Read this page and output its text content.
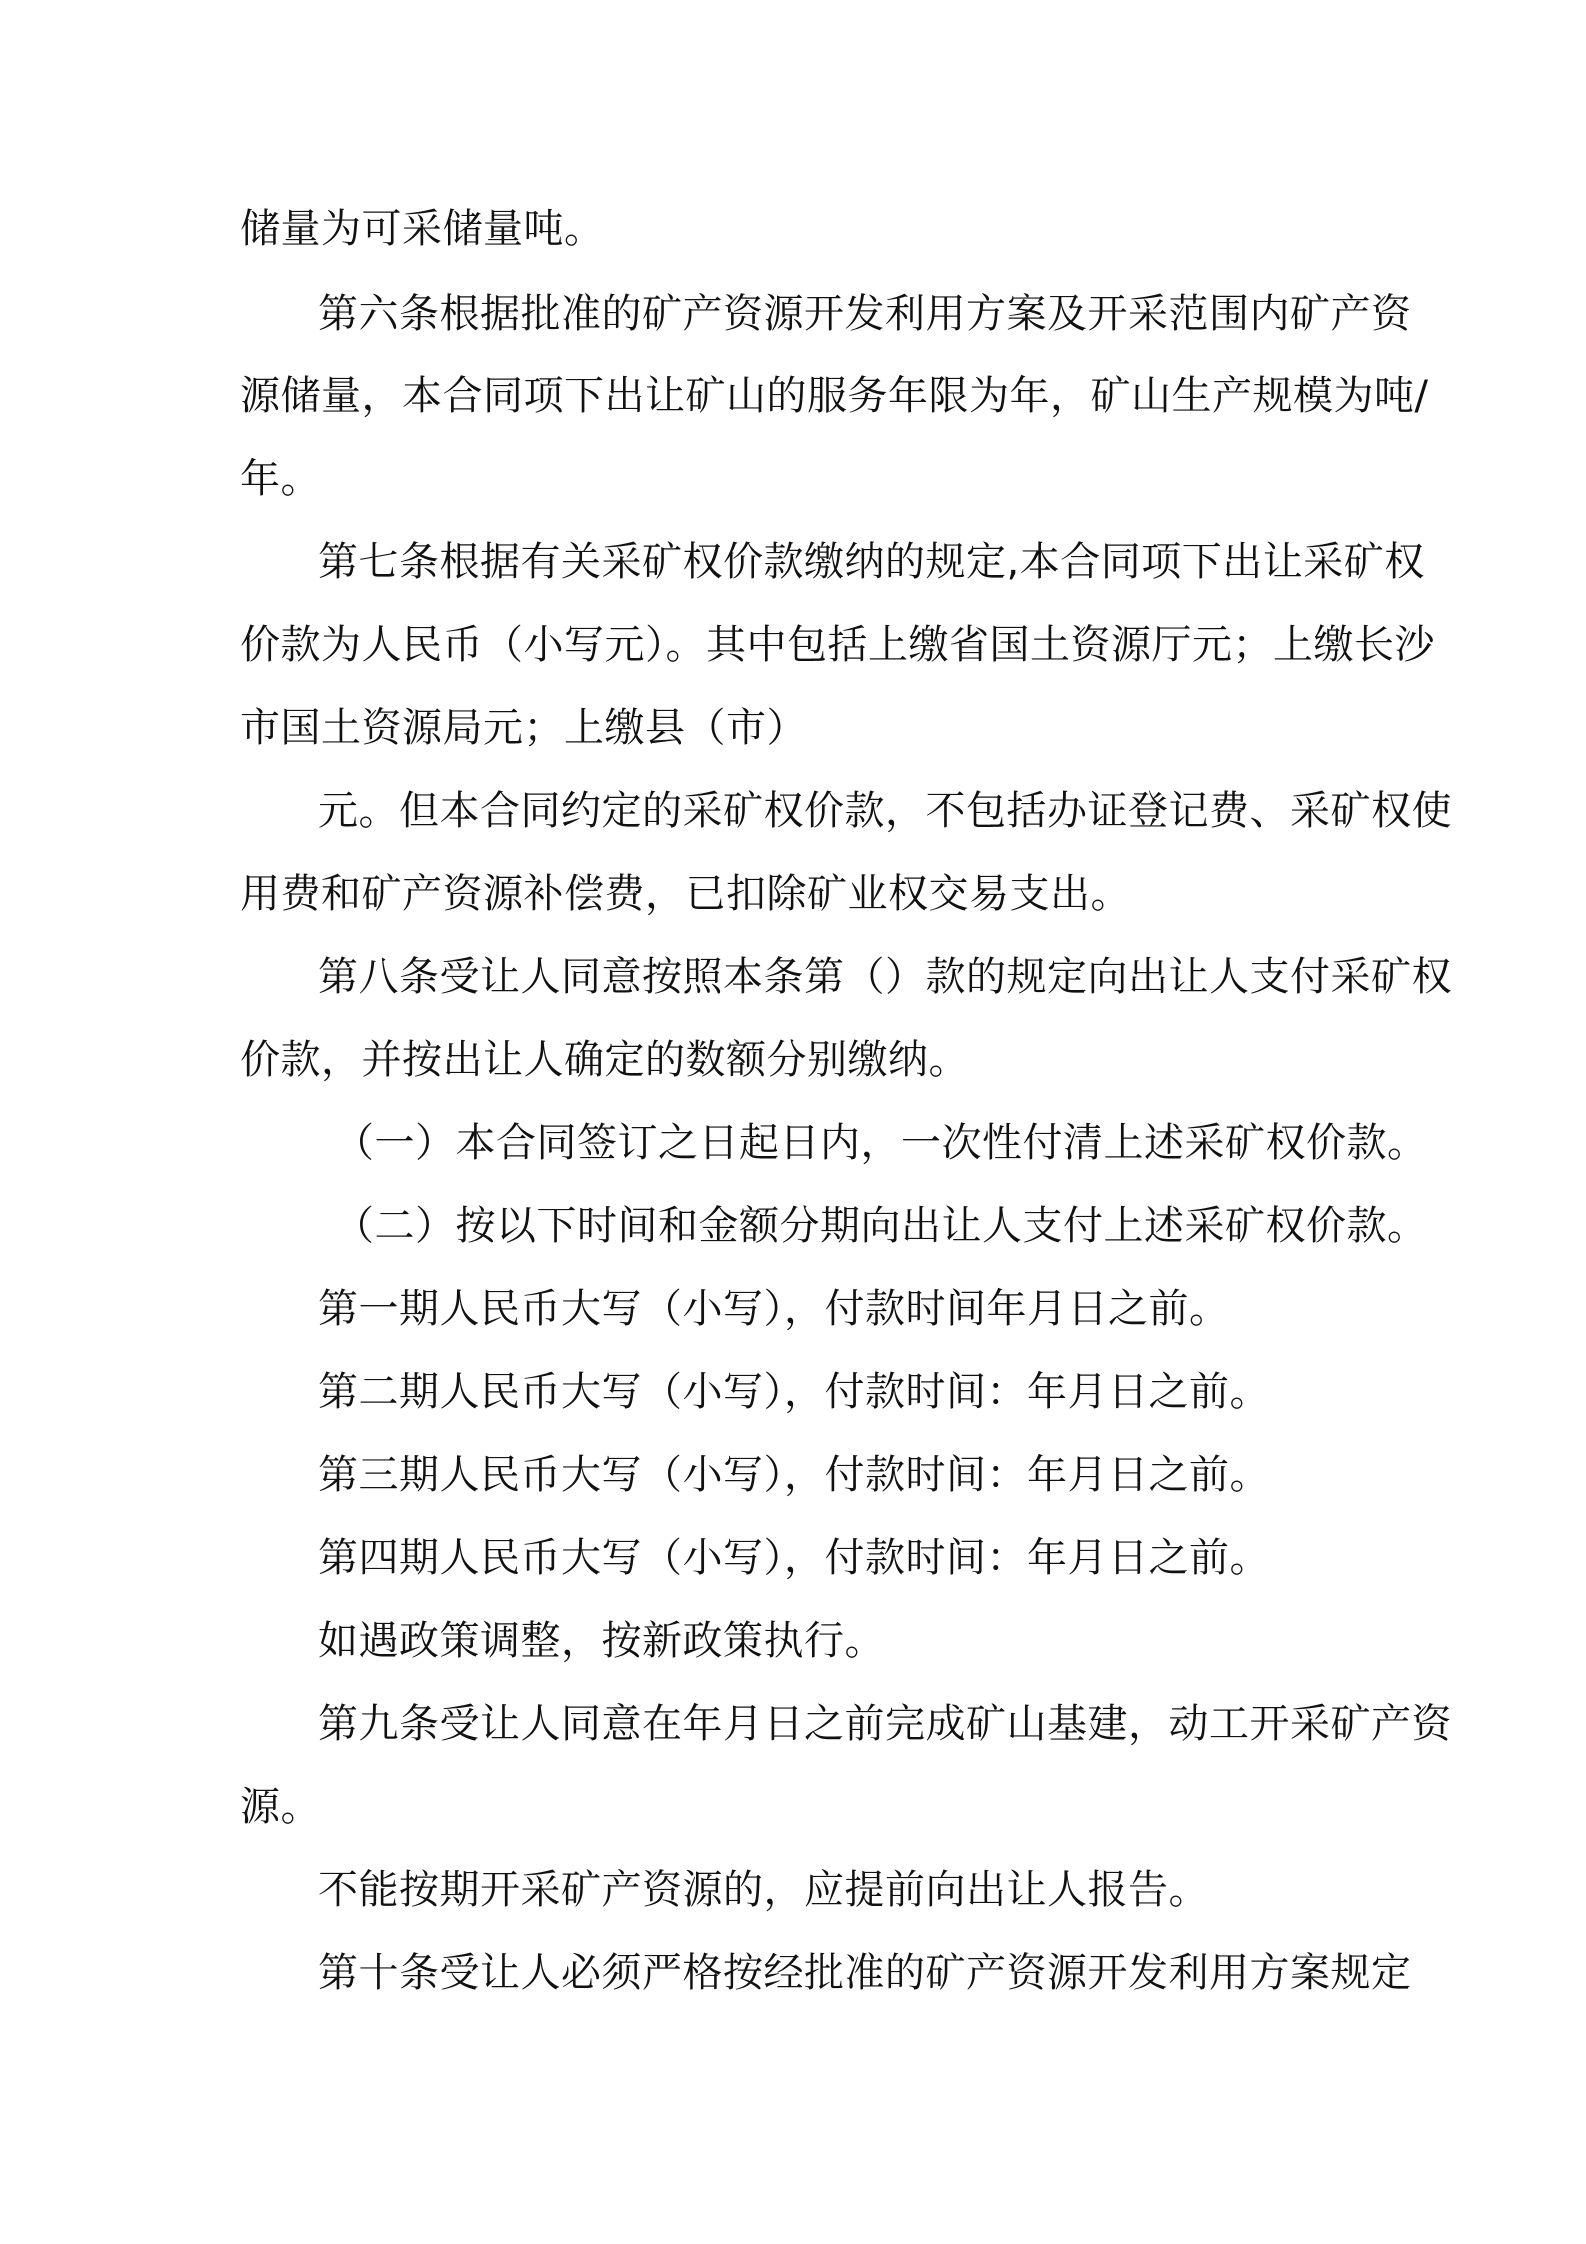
储量为可采储量吨。
第六条根据批准的矿产资源开发利用方案及开采范围内矿产资
源储量，本合同项下出让矿山的服务年限为年，矿山生产规模为吨/
年。
第七条根据有关采矿权价款缴纳的规定,本合同项下出让采矿权
价款为人民币（小写元）。其中包括上缴省国土资源厅元；上缴长沙
市国土资源局元；上缴县（市）
元。但本合同约定的采矿权价款，不包括办证登记费、采矿权使
用费和矿产资源补偿费，已扣除矿业权交易支出。
第八条受让人同意按照本条第（）款的规定向出让人支付采矿权
价款，并按出让人确定的数额分别缴纳。
（一）本合同签订之日起日内，一次性付清上述采矿权价款。
（二）按以下时间和金额分期向出让人支付上述采矿权价款。
第一期人民币大写（小写），付款时间年月日之前。
第二期人民币大写（小写），付款时间：年月日之前。
第三期人民币大写（小写），付款时间：年月日之前。
第四期人民币大写（小写），付款时间：年月日之前。
如遇政策调整，按新政策执行。
第九条受让人同意在年月日之前完成矿山基建，动工开采矿产资
源。
不能按期开采矿产资源的，应提前向出让人报告。
第十条受让人必须严格按经批准的矿产资源开发利用方案规定
